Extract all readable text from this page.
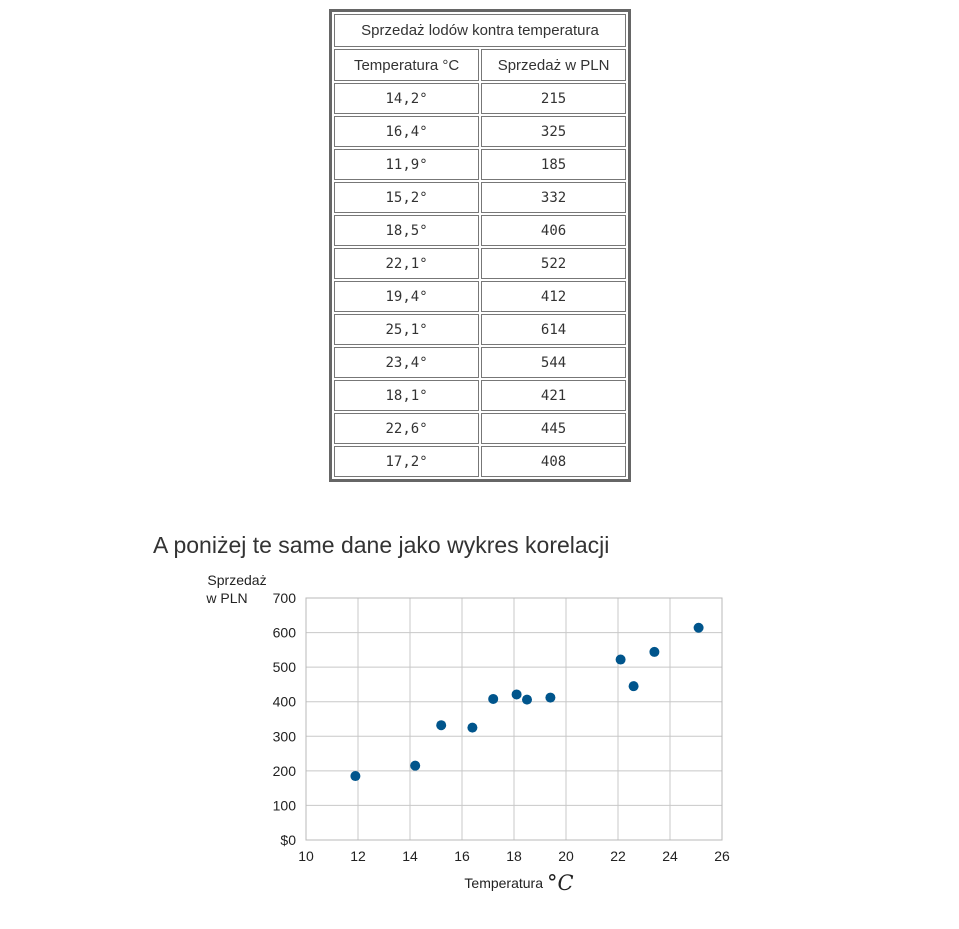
Sprzedaż lodów kontra temperatura	
Temperatura °C	Sprzedaż w PLN
14,2°	215
16,4°	325
11,9°	185
15,2°	332
18,5°	406
22,1°	522
19,4°	412
25,1°	614
23,4°	544
18,1°	421
22,6°	445
17,2°	408
A poniżej te same dane jako wykres korelacji
10	12	14	16	18	20	22	24	26
$0
100
200
300
400
500
600
700
Sprzedaż
w PLN
Temperatura °C
